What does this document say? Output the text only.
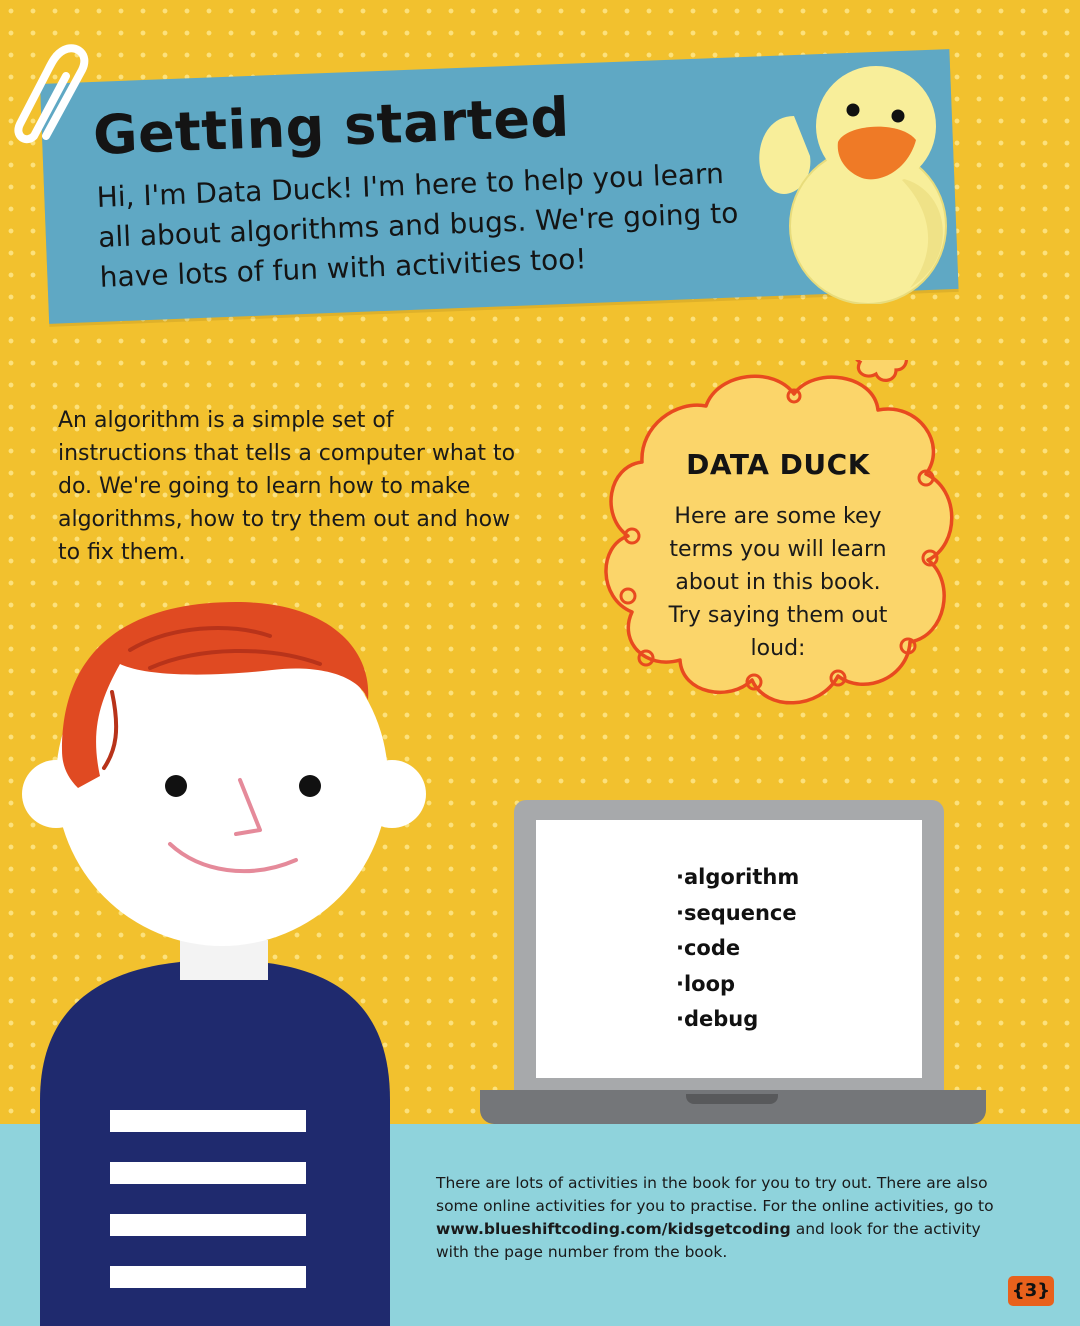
Getting started
Hi, I'm Data Duck! I'm here to help you learn all about algorithms and bugs. We're going to have lots of fun with activities too!
An algorithm is a simple set of instructions that tells a computer what to do. We're going to learn how to make algorithms, how to try them out and how to fix them.
DATA DUCK
Here are some key terms you will learn about in this book. Try saying them out loud:
· algorithm
· sequence
· code
· loop
· debug
There are lots of activities in the book for you to try out. There are also some online activities for you to practise. For the online activities, go to www.blueshiftcoding.com/kidsgetcoding and look for the activity with the page number from the book.
{3}
